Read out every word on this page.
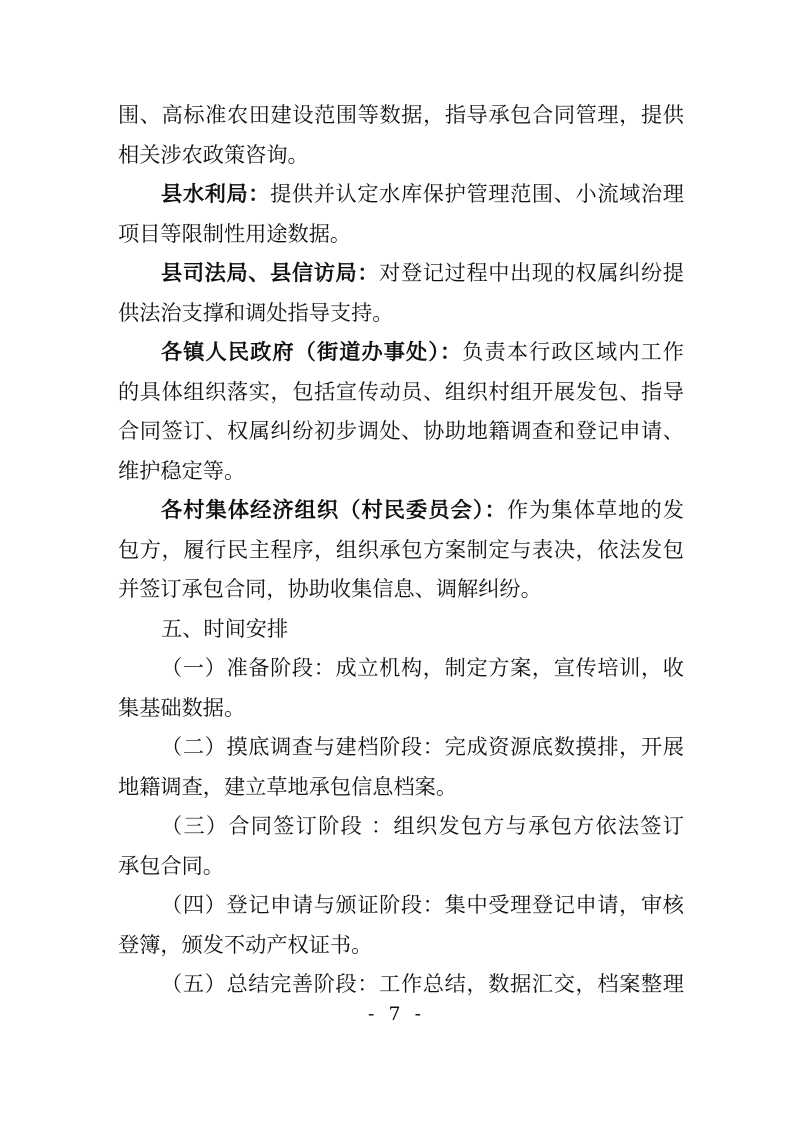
围、高标准农田建设范围等数据，指导承包合同管理，提供
相关涉农政策咨询。
县水利局：提供并认定水库保护管理范围、小流域治理
项目等限制性用途数据。
县司法局、县信访局：对登记过程中出现的权属纠纷提
供法治支撑和调处指导支持。
各镇人民政府（街道办事处）：负责本行政区域内工作
的具体组织落实，包括宣传动员、组织村组开展发包、指导
合同签订、权属纠纷初步调处、协助地籍调查和登记申请、
维护稳定等。
各村集体经济组织（村民委员会）：作为集体草地的发
包方，履行民主程序，组织承包方案制定与表决，依法发包
并签订承包合同，协助收集信息、调解纠纷。
五、时间安排
（一）准备阶段：成立机构，制定方案，宣传培训，收
集基础数据。
（二）摸底调查与建档阶段：完成资源底数摸排，开展
地籍调查，建立草地承包信息档案。
（三）合同签订阶段 ：组织发包方与承包方依法签订
承包合同。
（四）登记申请与颁证阶段：集中受理登记申请，审核
登簿，颁发不动产权证书。
（五）总结完善阶段：工作总结，数据汇交，档案整理
- 7 -
